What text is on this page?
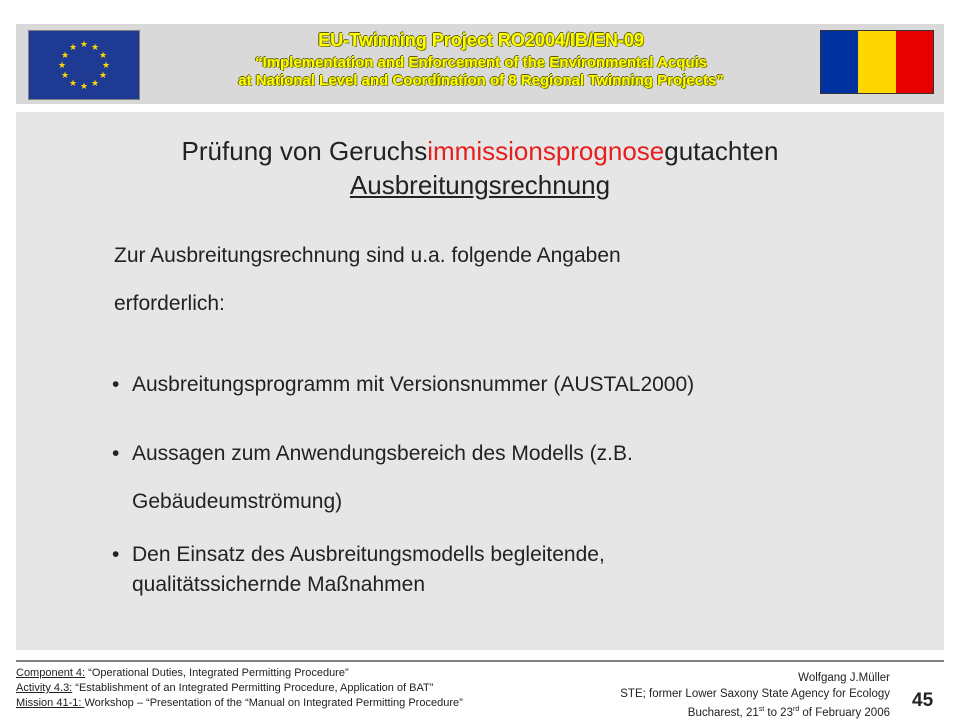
★ ★
★
★
★
★
★
★
★
★
★
★	EU-Twinning Project RO2004/IB/EN-09
“Implementation and Enforcement of the Environmental Acquis
at National Level and Coordination of 8 Regional Twinning Projects”
Prüfung von Geruchsimmissionsprognosegutachten
Ausbreitungsrechnung
Zur Ausbreitungsrechnung sind u.a. folgende Angaben
erforderlich:
• Ausbreitungsprogramm mit Versionsnummer (AUSTAL2000)
• Aussagen zum Anwendungsbereich des Modells (z.B.
Gebäudeumströmung)
• Den Einsatz des Ausbreitungsmodells begleitende,
qualitätssichernde Maßnahmen
Component 4: “Operational Duties, Integrated Permitting Procedure”
Activity 4.3: “Establishment of an Integrated Permitting Procedure, Application of BAT”
Mission 41-1: Workshop – “Presentation of the “Manual on Integrated Permitting Procedure”
Wolfgang J.Müller
STE; former Lower Saxony State Agency for Ecology
Bucharest, 21st to 23rd of February 2006
45
